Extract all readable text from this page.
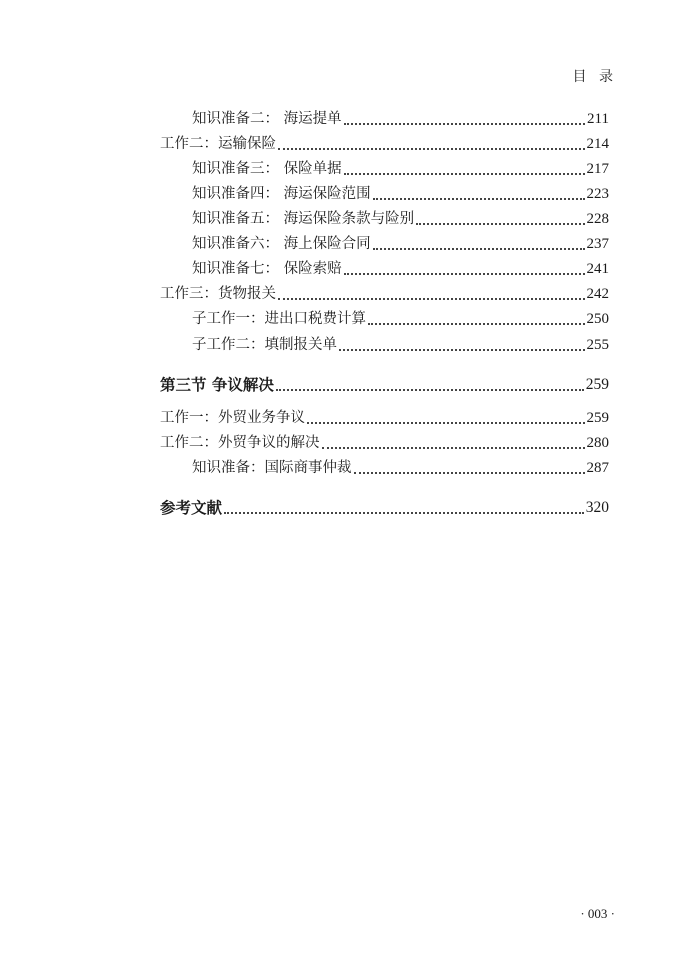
目 录
知识准备二： 海运提单	211
工作二：运输保险	214
知识准备三： 保险单据	217
知识准备四： 海运保险范围	223
知识准备五： 海运保险条款与险别	228
知识准备六： 海上保险合同	237
知识准备七： 保险索赔	241
工作三：货物报关	242
子工作一：进出口税费计算	250
子工作二：填制报关单	255
第三节 争议解决	259
工作一：外贸业务争议	259
工作二：外贸争议的解决	280
知识准备：国际商事仲裁	287
参考文献	320
· 003 ·
